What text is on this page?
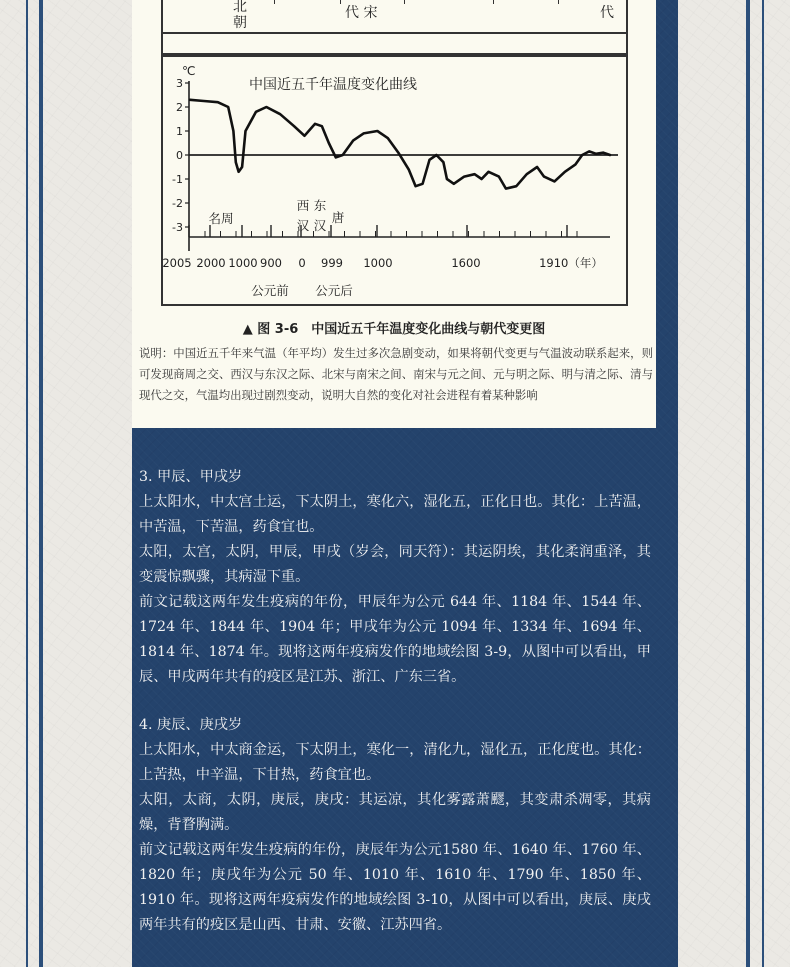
北
朝
代 宋	代
℃
中国近五千年温度变化曲线
3
2
1
0
-1
-2
-3
2005 2000 1000 900 0 999 1000	1600	1910（年）
公元前 公元后
名周
西
汉
东
汉
唐
▲ 图 3-6　中国近五千年温度变化曲线与朝代变更图
说明：中国近五千年来气温（年平均）发生过多次急剧变动，如果将朝代变更与气温波动联系起来，则可发现商周之交、西汉与东汉之际、北宋与南宋之间、南宋与元之间、元与明之际、明与清之际、清与现代之交，气温均出现过剧烈变动，说明大自然的变化对社会进程有着某种影响

3. 甲辰、甲戌岁

上太阳水，中太宫土运，下太阴土，寒化六，湿化五，正化日也。其化：上苦温，中苦温，下苦温，药食宜也。

太阳，太宫，太阴，甲辰，甲戌（岁会，同天符）：其运阴埃，其化柔润重泽，其变震惊飘骤，其病湿下重。

前文记载这两年发生疫病的年份，甲辰年为公元 644 年、1184 年、1544 年、1724 年、1844 年、1904 年；甲戌年为公元 1094 年、1334 年、1694 年、1814 年、1874 年。现将这两年疫病发作的地域绘图 3-9，从图中可以看出，甲辰、甲戌两年共有的疫区是江苏、浙江、广东三省。

4. 庚辰、庚戌岁

上太阳水，中太商金运，下太阴土，寒化一，清化九，湿化五，正化度也。其化：上苦热，中辛温，下甘热，药食宜也。

太阳，太商，太阴，庚辰，庚戌：其运凉，其化雾露萧飂，其变肃杀凋零，其病燥，背瞀胸满。

前文记载这两年发生疫病的年份，庚辰年为公元1580 年、1640 年、1760 年、1820 年；庚戌年为公元 50 年、1010 年、1610 年、1790 年、1850 年、1910 年。现将这两年疫病发作的地域绘图 3-10，从图中可以看出，庚辰、庚戌两年共有的疫区是山西、甘肃、安徽、江苏四省。
